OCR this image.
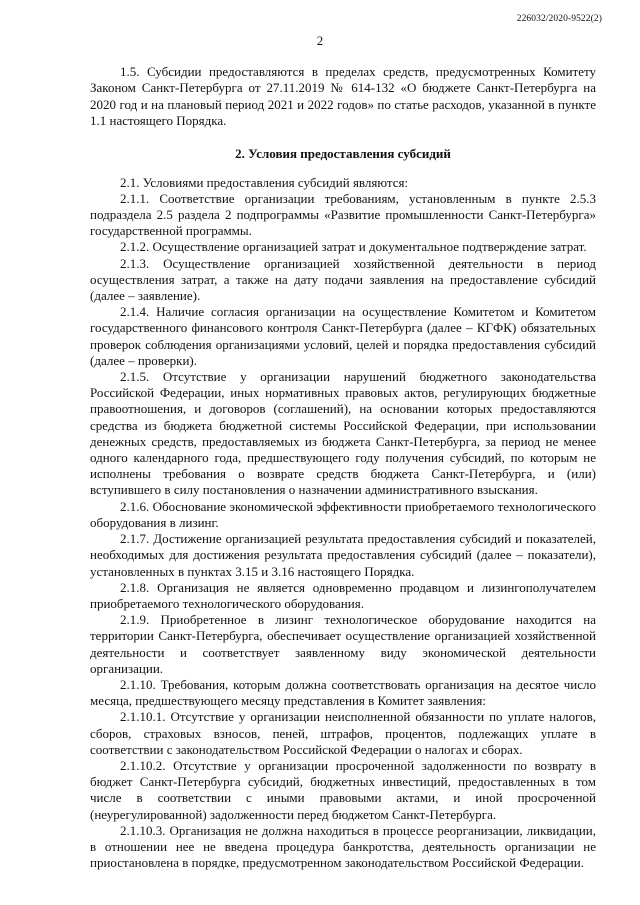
226032/2020-9522(2)
2

1.5. Субсидии предоставляются в пределах средств, предусмотренных Комитету Законом Санкт-Петербурга от 27.11.2019 № 614-132 «О бюджете Санкт-Петербурга на 2020 год и на плановый период 2021 и 2022 годов» по статье расходов, указанной в пункте 1.1 настоящего Порядка.

2. Условия предоставления субсидий

2.1. Условиями предоставления субсидий являются:

2.1.1. Соответствие организации требованиям, установленным в пункте 2.5.3 подраздела 2.5 раздела 2 подпрограммы «Развитие промышленности Санкт-Петербурга» государственной программы.

2.1.2. Осуществление организацией затрат и документальное подтверждение затрат.

2.1.3. Осуществление организацией хозяйственной деятельности в период осуществления затрат, а также на дату подачи заявления на предоставление субсидий (далее – заявление).

2.1.4. Наличие согласия организации на осуществление Комитетом и Комитетом государственного финансового контроля Санкт-Петербурга (далее – КГФК) обязательных проверок соблюдения организациями условий, целей и порядка предоставления субсидий (далее – проверки).

2.1.5. Отсутствие у организации нарушений бюджетного законодательства Российской Федерации, иных нормативных правовых актов, регулирующих бюджетные правоотношения, и договоров (соглашений), на основании которых предоставляются средства из бюджета бюджетной системы Российской Федерации, при использовании денежных средств, предоставляемых из бюджета Санкт-Петербурга, за период не менее одного календарного года, предшествующего году получения субсидий, по которым не исполнены требования о возврате средств бюджета Санкт-Петербурга, и (или) вступившего в силу постановления о назначении административного взыскания.

2.1.6. Обоснование экономической эффективности приобретаемого технологического оборудования в лизинг.

2.1.7. Достижение организацией результата предоставления субсидий и показателей, необходимых для достижения результата предоставления субсидий (далее – показатели), установленных в пунктах 3.15 и 3.16 настоящего Порядка.

2.1.8. Организация не является одновременно продавцом и лизингополучателем приобретаемого технологического оборудования.

2.1.9. Приобретенное в лизинг технологическое оборудование находится на территории Санкт-Петербурга, обеспечивает осуществление организацией хозяйственной деятельности и соответствует заявленному виду экономической деятельности организации.

2.1.10. Требования, которым должна соответствовать организация на десятое число месяца, предшествующего месяцу представления в Комитет заявления:

2.1.10.1. Отсутствие у организации неисполненной обязанности по уплате налогов, сборов, страховых взносов, пеней, штрафов, процентов, подлежащих уплате в соответствии с законодательством Российской Федерации о налогах и сборах.

2.1.10.2. Отсутствие у организации просроченной задолженности по возврату в бюджет Санкт-Петербурга субсидий, бюджетных инвестиций, предоставленных в том числе в соответствии с иными правовыми актами, и иной просроченной (неурегулированной) задолженности перед бюджетом Санкт-Петербурга.

2.1.10.3. Организация не должна находиться в процессе реорганизации, ликвидации, в отношении нее не введена процедура банкротства, деятельность организации не приостановлена в порядке, предусмотренном законодательством Российской Федерации.
